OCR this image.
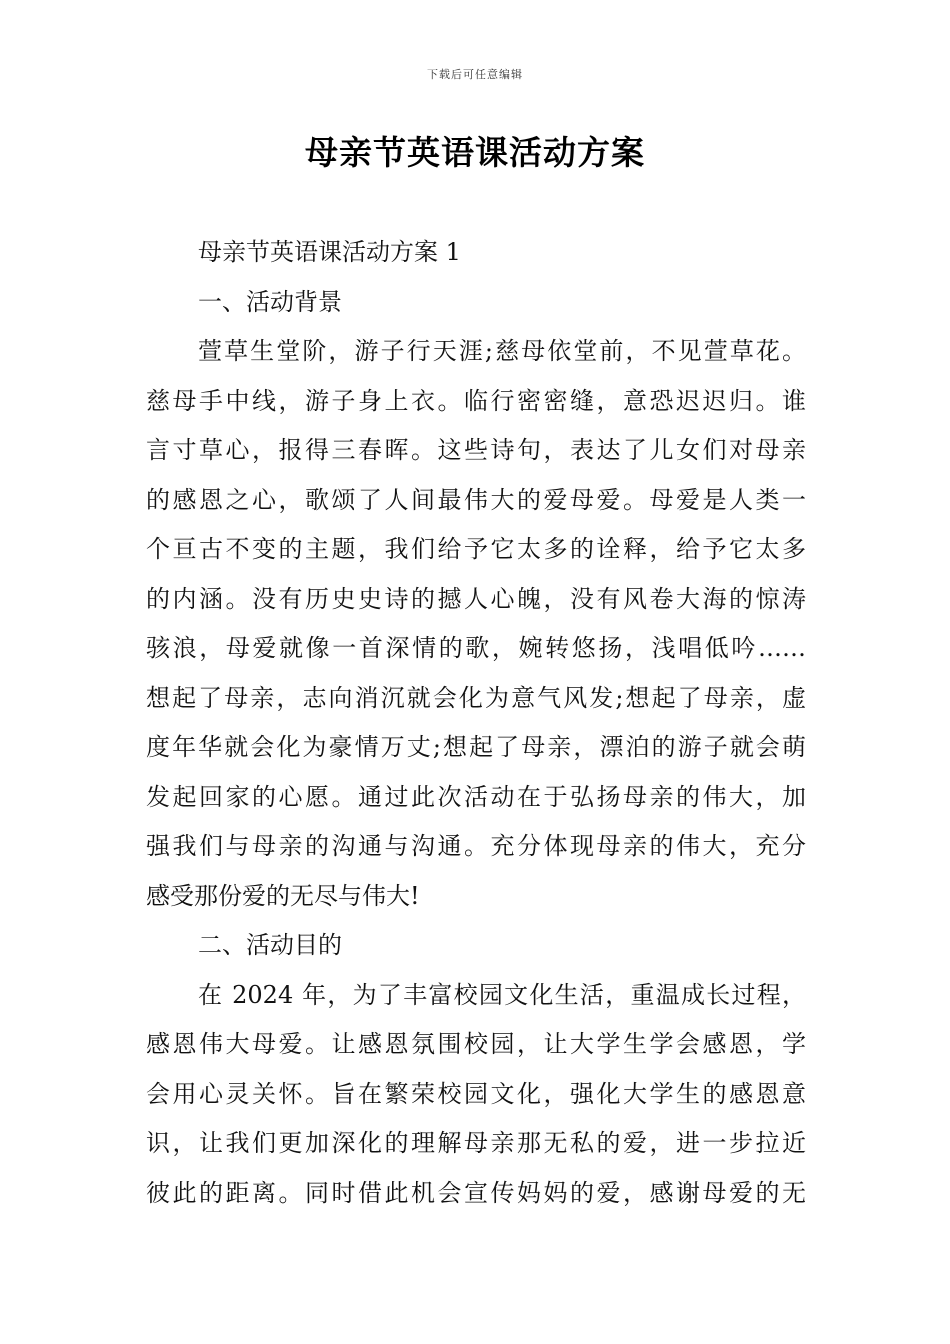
下载后可任意编辑
母亲节英语课活动方案
母亲节英语课活动方案 1
一、活动背景
萱草生堂阶，游子行天涯;慈母依堂前，不见萱草花。
慈母手中线，游子身上衣。临行密密缝，意恐迟迟归。谁
言寸草心，报得三春晖。这些诗句，表达了儿女们对母亲
的感恩之心，歌颂了人间最伟大的爱母爱。母爱是人类一
个亘古不变的主题，我们给予它太多的诠释，给予它太多
的内涵。没有历史史诗的撼人心魄，没有风卷大海的惊涛
骇浪，母爱就像一首深情的歌，婉转悠扬，浅唱低吟……
想起了母亲，志向消沉就会化为意气风发;想起了母亲，虚
度年华就会化为豪情万丈;想起了母亲，漂泊的游子就会萌
发起回家的心愿。通过此次活动在于弘扬母亲的伟大，加
强我们与母亲的沟通与沟通。充分体现母亲的伟大，充分
感受那份爱的无尽与伟大!
二、活动目的
在 2024 年，为了丰富校园文化生活，重温成长过程，
感恩伟大母爱。让感恩氛围校园，让大学生学会感恩，学
会用心灵关怀。旨在繁荣校园文化，强化大学生的感恩意
识，让我们更加深化的理解母亲那无私的爱，进一步拉近
彼此的距离。同时借此机会宣传妈妈的爱，感谢母爱的无
